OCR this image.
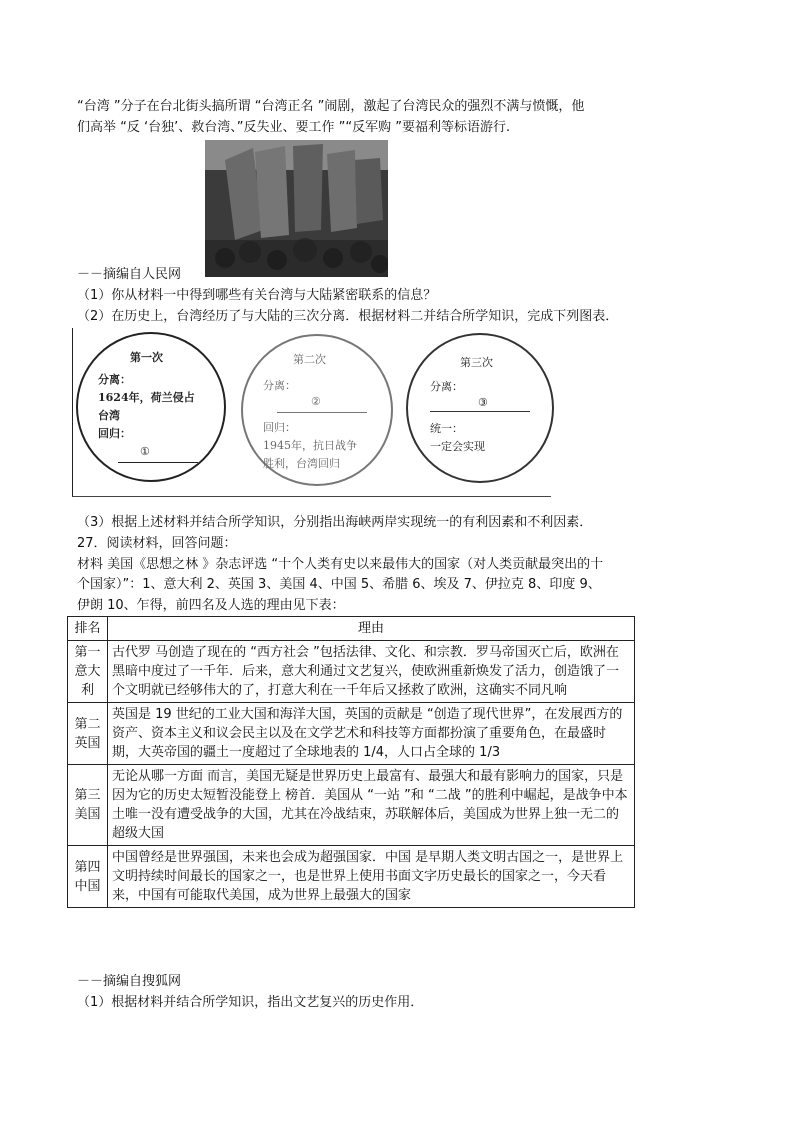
“台湾 ”分子在台北街头搞所谓 “台湾正名 ”闹剧，激起了台湾民众的强烈不满与愤慨，他
们高举 “反 ‘台独’、救台湾、”反失业、要工作 ”“反军购 ”要福利等标语游行.
－－摘编自人民网
（1）你从材料一中得到哪些有关台湾与大陆紧密联系的信息？
（2）在历史上，台湾经历了与大陆的三次分离．根据材料二并结合所学知识，完成下列图表．
第一次
分离：
1624年，荷兰侵占
台湾
回归：
①
第二次
分离：
②
回归：
1945年，抗日战争
胜利，台湾回归
第三次
分离：
③
统一：
一定会实现
（3）根据上述材料并结合所学知识，分别指出海峡两岸实现统一的有利因素和不利因素．
27．阅读材料，回答问题：
材料 美国《思想之林 》杂志评选 “十个人类有史以来最伟大的国家（对人类贡献最突出的十
个国家）”：1、意大利 2、英国 3、美国 4、中国 5、希腊 6、埃及 7、伊拉克 8、印度 9、
伊朗 10、乍得，前四名及人选的理由见下表：
排名	理由
第一意大利	古代罗 马创造了现在的 “西方社会 ”包括法律、文化、和宗教．罗马帝国灭亡后，欧洲在黑暗中度过了一千年．后来，意大利通过文艺复兴，使欧洲重新焕发了活力，创造饿了一个文明就已经够伟大的了，打意大利在一千年后又拯救了欧洲，这确实不同凡响
第二英国	英国是 19 世纪的工业大国和海洋大国，英国的贡献是 “创造了现代世界”，在发展西方的资产、资本主义和议会民主以及在文学艺术和科技等方面都扮演了重要角色，在最盛时期，大英帝国的疆土一度超过了全球地表的 1/4，人口占全球的 1/3
第三美国	无论从哪一方面 而言，美国无疑是世界历史上最富有、最强大和最有影响力的国家，只是因为它的历史太短暂没能登上 榜首．美国从 “一站 ”和 “二战 ”的胜利中崛起，是战争中本土唯一没有遭受战争的大国，尤其在冷战结束，苏联解体后，美国成为世界上独一无二的超级大国
第四中国	中国曾经是世界强国，未来也会成为超强国家．中国 是早期人类文明古国之一，是世界上文明持续时间最长的国家之一，也是世界上使用书面文字历史最长的国家之一，今天看来，中国有可能取代美国，成为世界上最强大的国家
－－摘编自搜狐网
（1）根据材料并结合所学知识，指出文艺复兴的历史作用．
